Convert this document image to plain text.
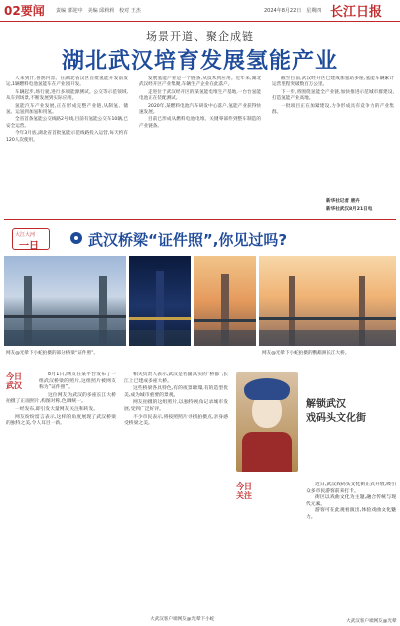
02要闻 责编 郭迎中　美编 邱莉莉　校对 王杰	2024年8月22日　星期四 长江日报
场景开道、聚企成链
湖北武汉培育发展氢能产业

人来到汁,喜鹊内容。在湖北省汉区首批氢能开发前发运,1辆燃料电池氢能车在产业园开发。

车辆起步,场行驶,进行多项能源测试。公交等示范领域,从车到场景,不断发展到实际应用。

氢能汽车产业发展,正在形成完整产业链,从制氢、储氢、运氢到加氢和用氢。

全省首条氢能公交线路2号线,目前有氢能公交车10辆,已安全运营。

今年3月底,湖北省首批氢能示范线路投入运营,每天约有120人次使用。

发展氢能产业是一个链条,从技术到应用。近年来,湖北武汉经开区产业集聚,车辆生产企业在此落户。

走进位于武汉经开区的某氢能电堆生产基地,一台台氢能电池正在装配测试。

2020年,某燃料电池汽车研发中心落户,氢能产业获得快速发展。

目前已形成从燃料电池电堆、关键零部件到整车制造的产业链条。

截至目前,武汉经开区已建成加氢站多座,氢能车辆累计运营里程突破数百万公里。

下一步,将围绕氢能全产业链,加快推进示范城市群建设,打造氢能产业高地。

一批项目正在加紧建设,力争形成具有竞争力的产业集群。

新华社记者 唐卉
新华社武汉8月21日电
大江大河
一日	武汉桥梁“证件照”,你见过吗?
网友@光晕下小蛇拍摄的部分桥梁“证件照”。	网友@光晕下小蛇拍摄的鹦鹉洲长江大桥。
今日
武汉

8月1日,网友在某平台发布了一组武汉桥梁的照片,这组照片被网友称为“证件照”。

这位网友为武汉的多座长江大桥拍摄了正面照片,构图对称,色调统一。

一经发布,即引发大量网友关注和转发。

网友纷纷留言表示,这样的角度展现了武汉桥梁的独特之美,令人耳目一新。

相关负责人表示,武汉是名副其实的“桥都”,长江上已建成多座大桥。

这些桥梁各具特色,有的夜景璀璨,有的造型优美,成为城市重要的景观。

网友拍摄的这组照片,以独特视角记录城市发展,受到广泛好评。

不少市民表示,将按照照片寻找拍摄点,亲身感受桥梁之美。

大武汉客户端网友@光晕下小蛇
解锁武汉
戏码头文化街
今日
关注

近日,武汉戏码头文化街正式开放,吸引众多市民游客前来打卡。

街区以戏曲文化为主题,融合传统与现代元素。

游客可在此观看演出,体验戏曲文化魅力。

大武汉客户端网友@光晕
